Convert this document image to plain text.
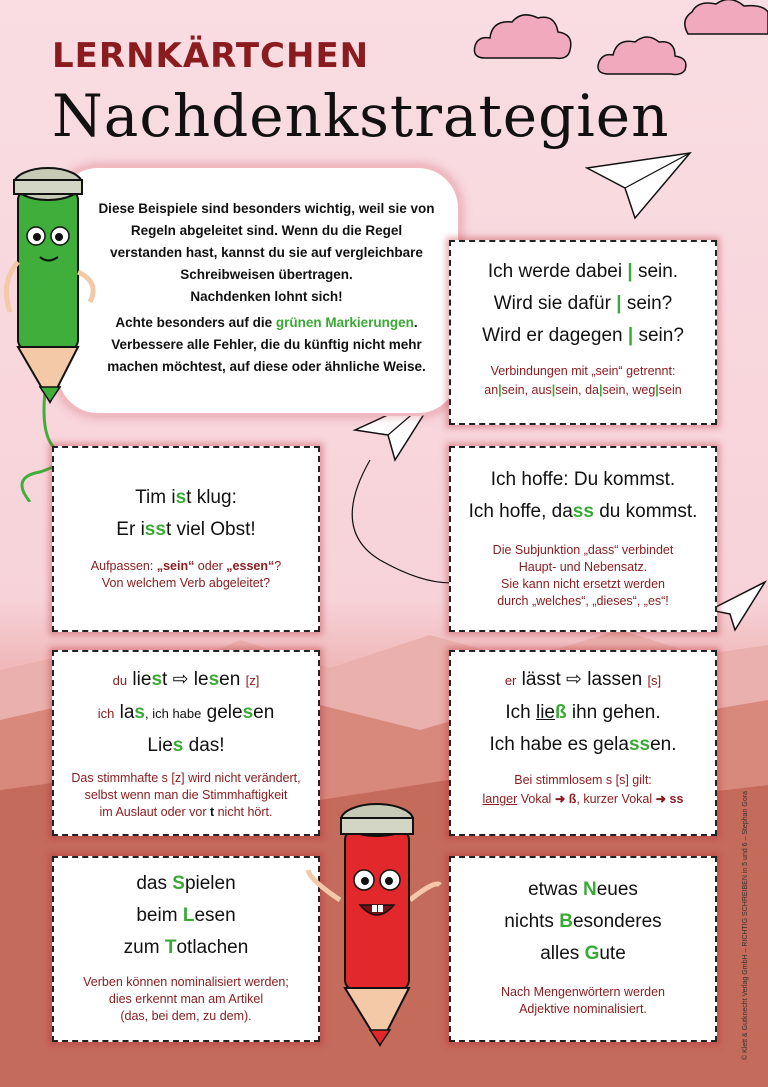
LERNKÄRTCHEN
Nachdenkstrategien
Diese Beispiele sind besonders wichtig, weil sie von Regeln abgeleitet sind. Wenn du die Regel verstanden hast, kannst du sie auf vergleichbare Schreibweisen übertragen.
Nachdenken lohnt sich!
Achte besonders auf die grünen Markierungen. Verbessere alle Fehler, die du künftig nicht mehr machen möchtest, auf diese oder ähnliche Weise.
Ich werde dabei | sein.
Wird sie dafür | sein?
Wird er dagegen | sein?
Verbindungen mit „sein“ getrennt:
an|sein, aus|sein, da|sein, weg|sein
Tim ist klug:
Er isst viel Obst!
Aufpassen: „sein“ oder „essen“?
Von welchem Verb abgeleitet?
Ich hoffe: Du kommst.
Ich hoffe, dass du kommst.
Die Subjunktion „dass“ verbindet
Haupt- und Nebensatz.
Sie kann nicht ersetzt werden
durch „welches“, „dieses“, „es“!
du liest ⇨ lesen [z]
ich las, ich habe gelesen
Lies das!
Das stimmhafte s [z] wird nicht verändert,
selbst wenn man die Stimmhaftigkeit
im Auslaut oder vor t nicht hört.
er lässt ⇨ lassen [s]
Ich ließ ihn gehen.
Ich habe es gelassen.
Bei stimmlosem s [s] gilt:
langer Vokal ➜ ß, kurzer Vokal ➜ ss
das Spielen
beim Lesen
zum Totlachen
Verben können nominalisiert werden;
dies erkennt man am Artikel
(das, bei dem, zu dem).
etwas Neues
nichts Besonderes
alles Gute
Nach Mengenwörtern werden
Adjektive nominalisiert.	© Klett & Gutknecht Verlag GmbH – RICHTIG SCHREIBEN in 5 und 6 – Stephan Gora
